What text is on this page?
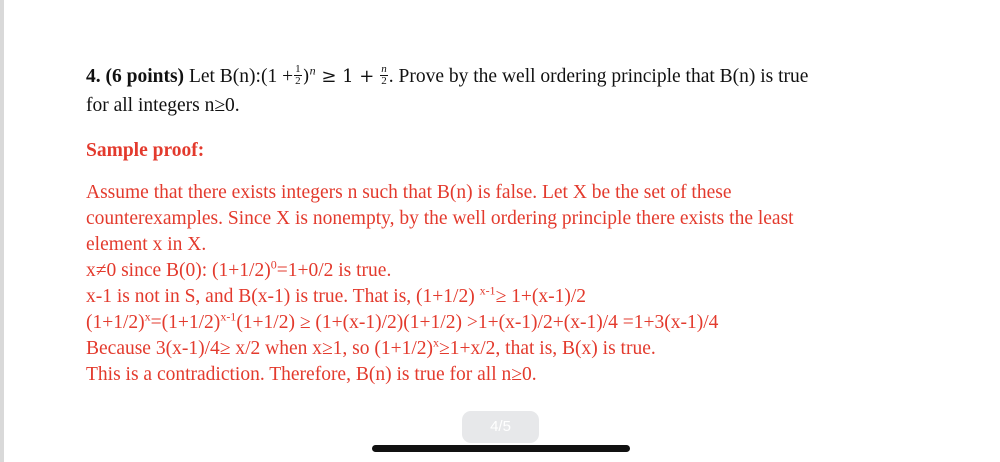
4. (6 points) Let B(n):(1 + $\frac{1}{2} )^n \ge 1 + \frac{n}{2}$ . Prove by the well ordering principle that B(n) is true
for all integers n≥0.
Sample proof:
Assume that there exists integers n such that B(n) is false. Let X be the set of these
counterexamples. Since X is nonempty, by the well ordering principle there exists the least
element x in X.
x≠0 since B(0): $(1+1/2)^0=1+0/2$ is true.
x-1 is not in S, and B(x-1) is true. That is, (1+1/2) $^{x-1}$≥ 1+(x-1)/2
$(1+1/2)^x=(1+1/2)^{x-1}(1+1/2) \ge (1+(x-1)/2)(1+1/2) >1+(x-1)/2+(x-1)/4 =1+3(x-1)/4$
Because 3(x-1)/4≥ x/2 when x≥1, so $(1+1/2)^x\ge 1+x/2$, that is, B(x) is true.
This is a contradiction. Therefore, B(n) is true for all n≥0.
4/5
